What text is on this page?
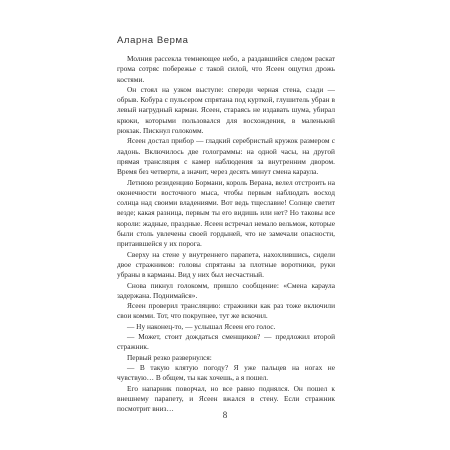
Аларна Верма

Молния рассекла темнеющее небо, а раздавшийся следом раскат грома сотряс побережье с такой силой, что Ясеен ощутил дрожь костями.

Он стоял на узком выступе: спереди черная стена, сзади — обрыв. Кобура с пульсером спрятана под курткой, глушитель убран в левый нагрудный карман. Ясеен, стараясь не издавать шума, убирал крюки, которыми пользовался для восхождения, в маленький рюкзак. Пискнул голокомм.

Ясеен достал прибор — гладкий серебристый кружок размером с ладонь. Включилось две голограммы: на одной часы, на другой прямая трансляция с камер наблюдения за внутренним двором. Время без четверти, а значит, через десять минут смена караула.

Летнюю резиденцию Бормани, король Верана, велел отстроить на оконечности восточного мыса, чтобы первым наблюдать восход солнца над своими владениями. Вот ведь тщеславие! Солнце светит везде; какая разница, первым ты его видишь или нет? Но таковы все короли: жадные, праздные. Ясеен встречал немало вельмож, которые были столь увлечены своей гордыней, что не замечали опасности, притаившейся у их порога.

Сверху на стене у внутреннего парапета, нахохлившись, сидели двое стражников: головы спрятаны за плотные воротники, руки убраны в карманы. Вид у них был несчастный.

Снова пикнул голокомм, пришло сообщение: «Смена караула задержана. Поднимайся».

Ясеен проверил трансляцию: стражники как раз тоже включили свои комми. Тот, что покрупнее, тут же вскочил.

— Ну наконец-то, — услышал Ясеен его голос.

— Может, стоит дождаться сменщиков? — предложил второй стражник.

Первый резко развернулся:

— В такую клятую погоду? Я уже пальцев на ногах не чувствую… В общем, ты как хочешь, а я пошел.

Его напарник поворчал, но все равно поднялся. Он пошел к внешнему парапету, и Ясеен вжался в стену. Если стражник посмотрит вниз…

8
